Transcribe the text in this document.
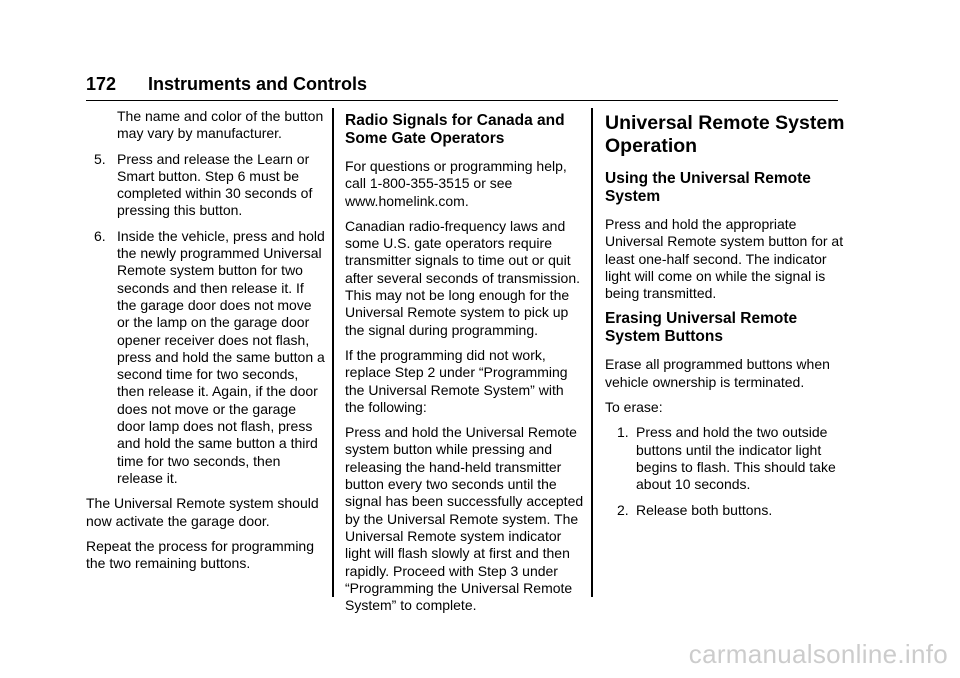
172 Instruments and Controls

The name and color of the button may vary by manufacturer.

5. Press and release the Learn or Smart button. Step 6 must be completed within 30 seconds of pressing this button.
6. Inside the vehicle, press and hold the newly programmed Universal Remote system button for two seconds and then release it. If the garage door does not move or the lamp on the garage door opener receiver does not flash, press and hold the same button a second time for two seconds, then release it. Again, if the door does not move or the garage door lamp does not flash, press and hold the same button a third time for two seconds, then release it.

The Universal Remote system should now activate the garage door.

Repeat the process for programming the two remaining buttons.

Radio Signals for Canada and Some Gate Operators

For questions or programming help, call 1-800-355-3515 or see www.homelink.com.

Canadian radio-frequency laws and some U.S. gate operators require transmitter signals to time out or quit after several seconds of transmission. This may not be long enough for the Universal Remote system to pick up the signal during programming.

If the programming did not work, replace Step 2 under “Programming the Universal Remote System” with the following:

Press and hold the Universal Remote system button while pressing and releasing the hand-held transmitter button every two seconds until the signal has been successfully accepted by the Universal Remote system. The Universal Remote system indicator light will flash slowly at first and then rapidly. Proceed with Step 3 under “Programming the Universal Remote System” to complete.

Universal Remote System Operation
Using the Universal Remote System

Press and hold the appropriate Universal Remote system button for at least one-half second. The indicator light will come on while the signal is being transmitted.

Erasing Universal Remote System Buttons

Erase all programmed buttons when vehicle ownership is terminated.

To erase:

1. Press and hold the two outside buttons until the indicator light begins to flash. This should take about 10 seconds.
2. Release both buttons.
carmanualsonline.info
